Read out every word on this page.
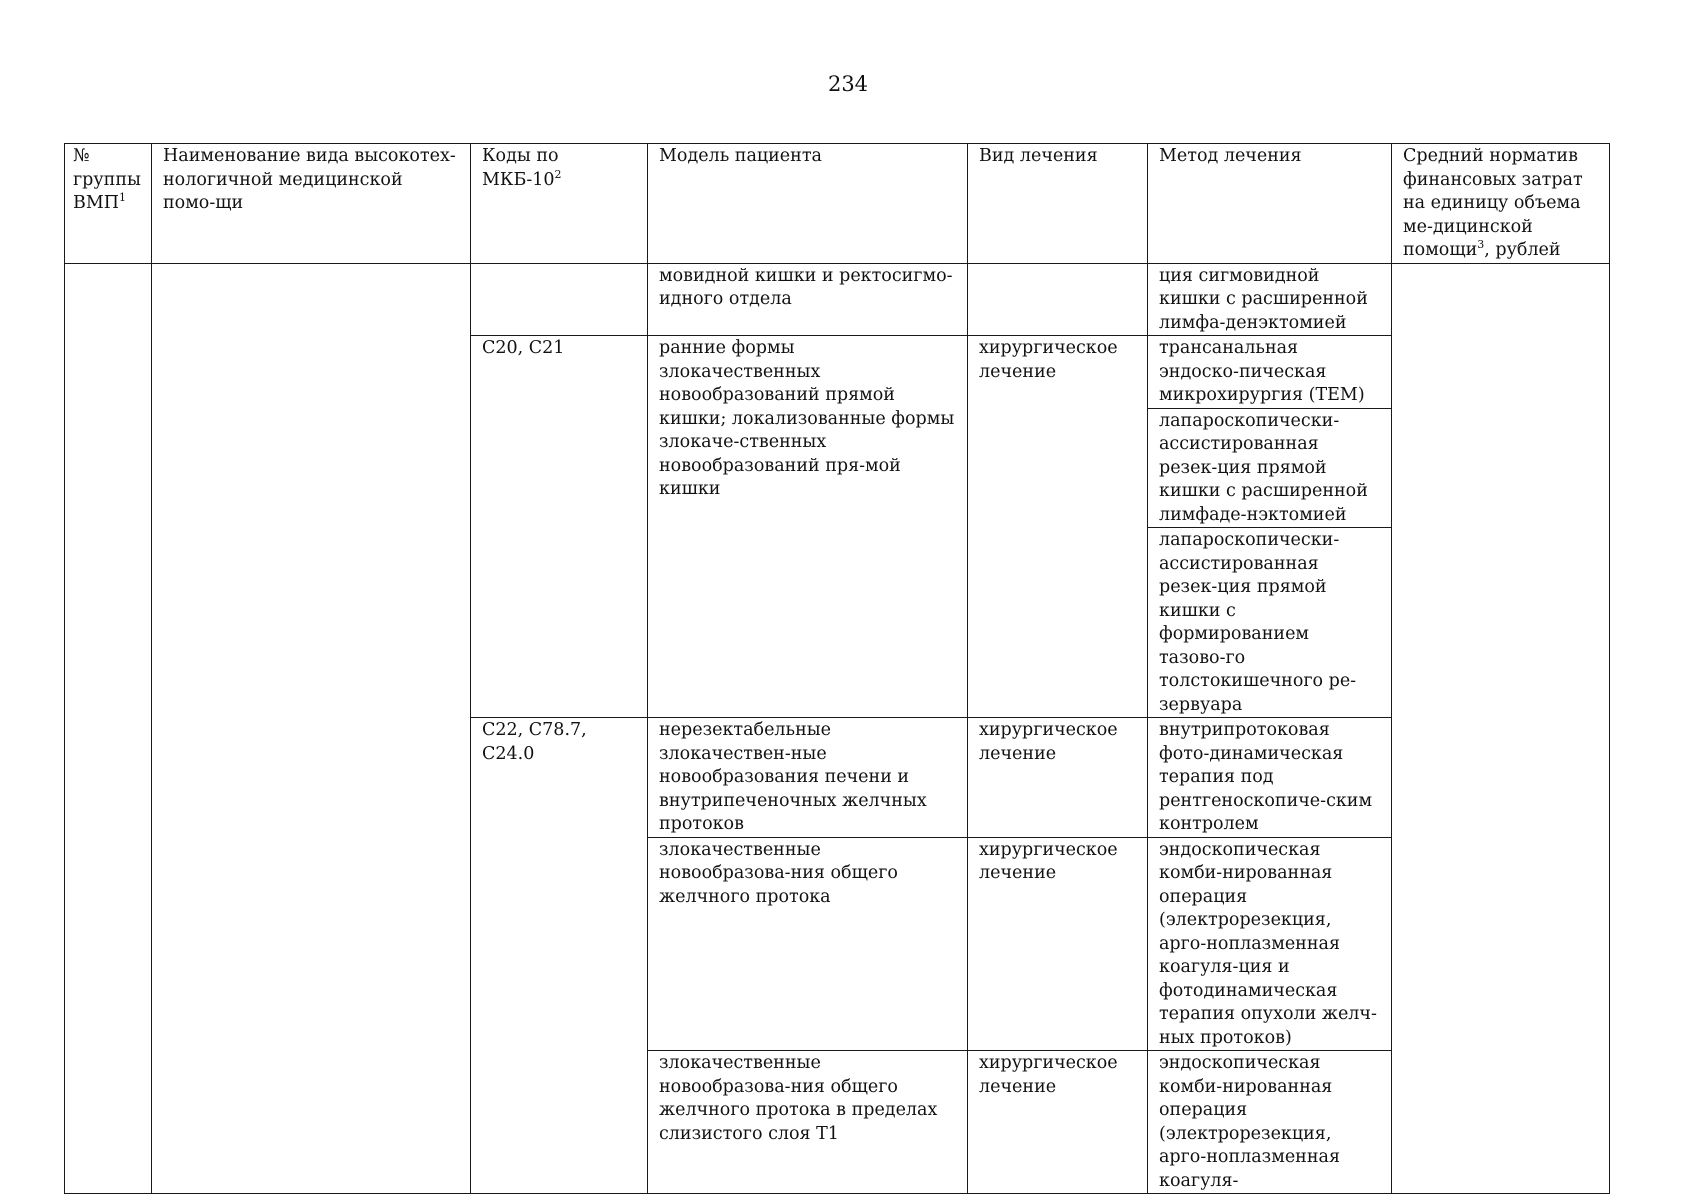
234
№ группы ВМП$^1$	Наименование вида высокотех-нологичной медицинской помо-щи	Коды по МКБ-$10^2$	Модель пациента	Вид лечения	Метод лечения	Средний норматив финансовых затрат на единицу объема ме-дицинской помощи$^3$, рублей
			мовидной кишки и ректосигмо-идного отдела		ция сигмовидной кишки с расширенной лимфа-денэктомией	
		C20, C21	ранние формы злокачественных новообразований прямой кишки; локализованные формы злокаче-ственных новообразований пря-мой кишки	хирургическое лечение	трансанальная эндоско-пическая микрохирургия (ТЕМ)	
					лапароскопически-ассистированная резек-ция прямой кишки с расширенной лимфаде-нэктомией	
					лапароскопически-ассистированная резек-ция прямой кишки с формированием тазово-го толстокишечного ре-зервуара	
		C22, C78.7, C24.0	нерезектабельные злокачествен-ные новообразования печени и внутрипеченочных желчных протоков	хирургическое лечение	внутрипротоковая фото-динамическая терапия под рентгеноскопиче-ским контролем	
			злокачественные новообразова-ния общего желчного протока	хирургическое лечение	эндоскопическая комби-нированная операция (электрорезекция, арго-ноплазменная коагуля-ция и фотодинамическая терапия опухоли желч-ных протоков)	
			злокачественные новообразова-ния общего желчного протока в пределах слизистого слоя T1	хирургическое лечение	эндоскопическая комби-нированная операция (электрорезекция, арго-ноплазменная коагуля-	
